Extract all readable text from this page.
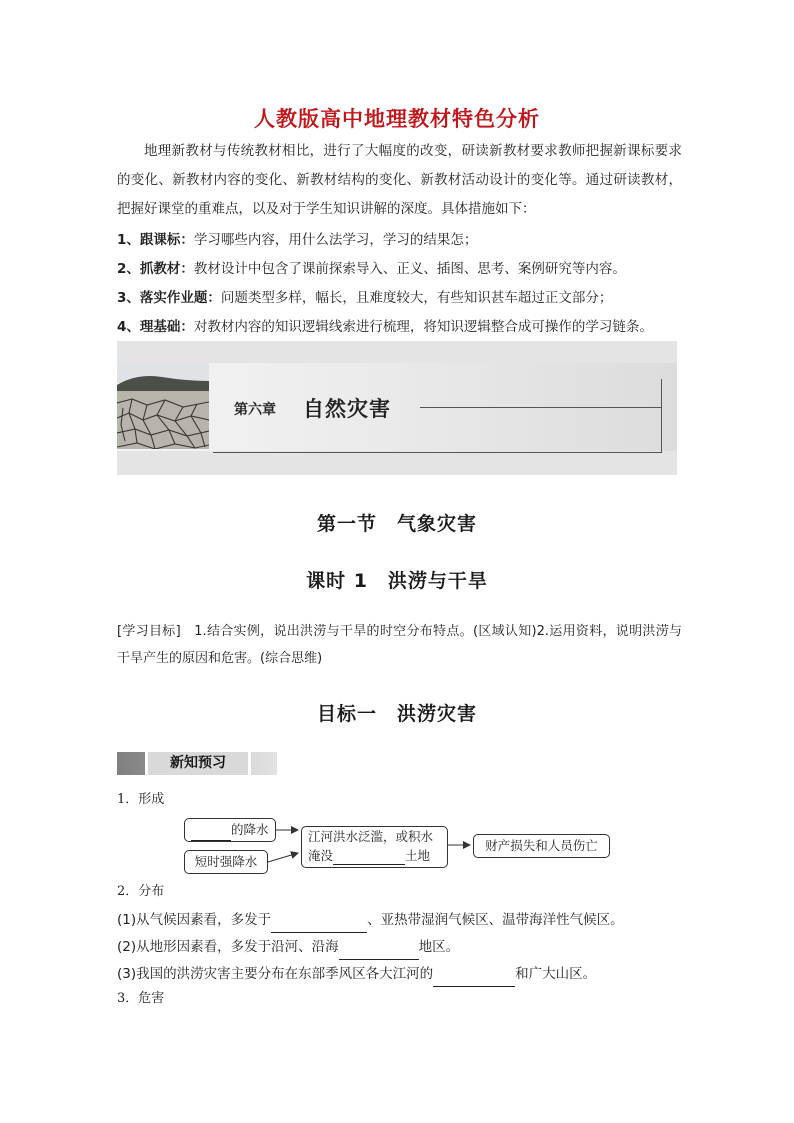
人教版高中地理教材特色分析
地理新教材与传统教材相比，进行了大幅度的改变，研读新教材要求教师把握新课标要求的变化、新教材内容的变化、新教材结构的变化、新教材活动设计的变化等。通过研读教材，把握好课堂的重难点，以及对于学生知识讲解的深度。具体措施如下：
1、跟课标：学习哪些内容，用什么法学习，学习的结果怎；
2、抓教材：教材设计中包含了课前探索导入、正义、插图、思考、案例研究等内容。
3、落实作业题：问题类型多样，幅长，且难度较大，有些知识甚车超过正文部分；
4、理基础：对教材内容的知识逻辑线索进行梳理，将知识逻辑整合成可操作的学习链条。
第六章 自然灾害
第一节　气象灾害
课时 1　洪涝与干旱
[学习目标]　1.结合实例，说出洪涝与干旱的时空分布特点。(区域认知)2.运用资料，说明洪涝与干旱产生的原因和危害。(综合思维)
目标一　洪涝灾害
新知预习
1．形成
的降水
短时强降水
江河洪水泛滥，或积水
淹没	土地
财产损失和人员伤亡
2．分布
(1)从气候因素看，多发于	、亚热带湿润气候区、温带海洋性气候区。
(2)从地形因素看，多发于沿河、沿海	地区。
(3)我国的洪涝灾害主要分布在东部季风区各大江河的	和广大山区。
3．危害
